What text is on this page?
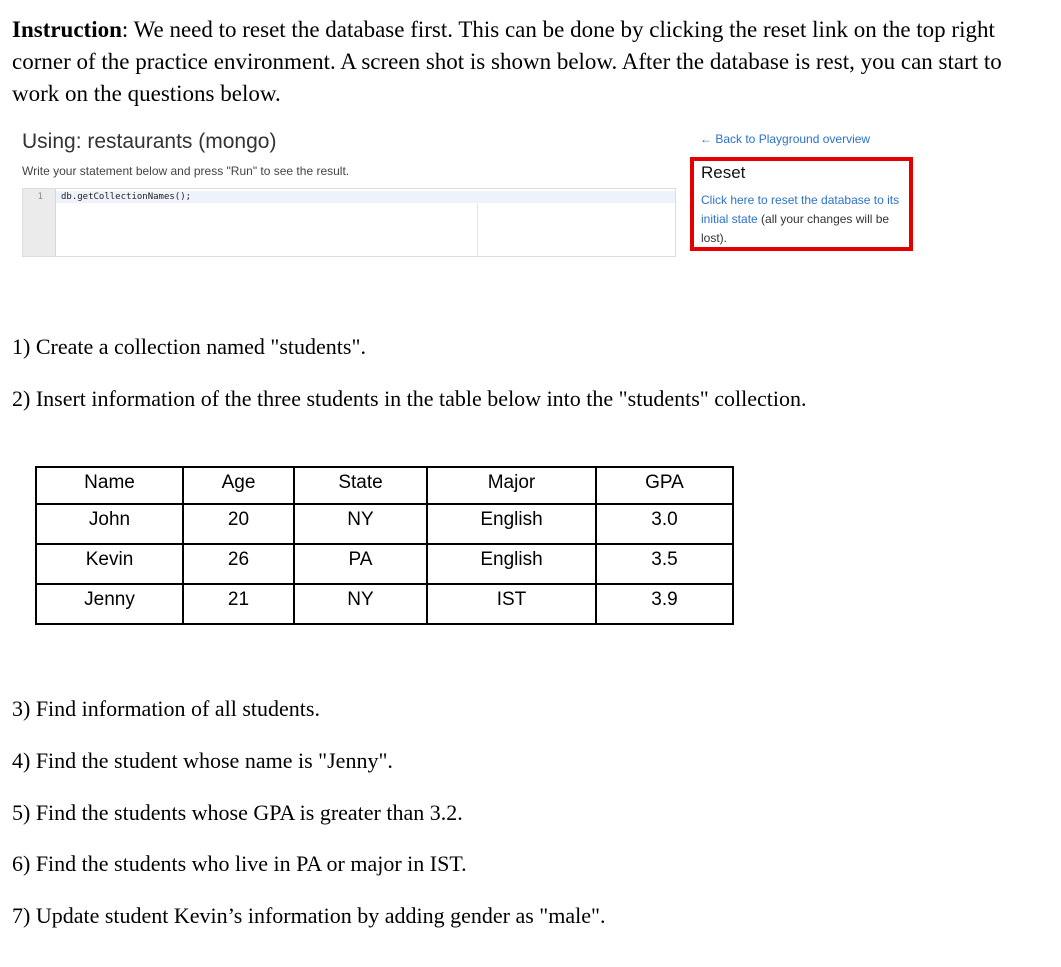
Instruction: We need to reset the database first. This can be done by clicking the reset link on the top right corner of the practice environment. A screen shot is shown below. After the database is rest, you can start to work on the questions below.
Using: restaurants (mongo)
Write your statement below and press "Run" to see the result.
1 db.getCollectionNames();
← Back to Playground overview
Reset
Click here to reset the database to its initial state (all your changes will be lost).
1) Create a collection named "students".
2) Insert information of the three students in the table below into the "students" collection.
Name	Age	State	Major	GPA
John	20	NY	English	3.0
Kevin	26	PA	English	3.5
Jenny	21	NY	IST	3.9
3) Find information of all students.
4) Find the student whose name is "Jenny".
5) Find the students whose GPA is greater than 3.2.
6) Find the students who live in PA or major in IST.
7) Update student Kevin’s information by adding gender as "male".
